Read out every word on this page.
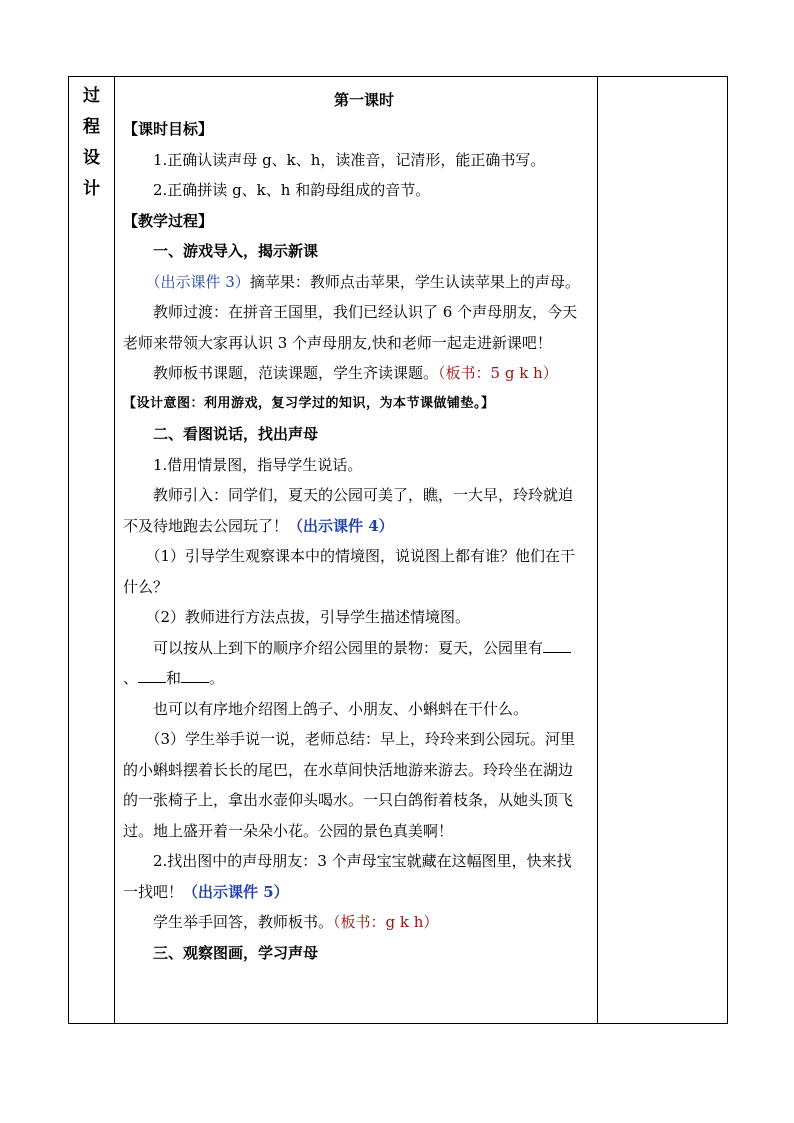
过
程
设
计

第一课时

【课时目标】

1.正确认读声母 g、k、h，读准音，记清形，能正确书写。

2.正确拼读 g、k、h 和韵母组成的音节。

【教学过程】

一、游戏导入，揭示新课

（出示课件 3）摘苹果：教师点击苹果，学生认读苹果上的声母。

教师过渡：在拼音王国里，我们已经认识了 6 个声母朋友，今天老师来带领大家再认识 3 个声母朋友,快和老师一起走进新课吧！

教师板书课题，范读课题，学生齐读课题。（板书：5 g k h）

【设计意图：利用游戏，复习学过的知识，为本节课做铺垫。】

二、看图说话，找出声母

1.借用情景图，指导学生说话。

教师引入：同学们，夏天的公园可美了，瞧，一大早，玲玲就迫不及待地跑去公园玩了！（出示课件 4）

（1）引导学生观察课本中的情境图，说说图上都有谁？他们在干什么？

（2）教师进行方法点拔，引导学生描述情境图。

可以按从上到下的顺序介绍公园里的景物：夏天，公园里有、 和 。

也可以有序地介绍图上鸽子、小朋友、小蝌蚪在干什么。

（3）学生举手说一说，老师总结：早上，玲玲来到公园玩。河里的小蝌蚪摆着长长的尾巴，在水草间快活地游来游去。玲玲坐在湖边的一张椅子上，拿出水壶仰头喝水。一只白鸽衔着枝条，从她头顶飞过。地上盛开着一朵朵小花。公园的景色真美啊！

2.找出图中的声母朋友：3 个声母宝宝就藏在这幅图里，快来找一找吧！（出示课件 5）

学生举手回答，教师板书。（板书：g k h）

三、观察图画，学习声母
